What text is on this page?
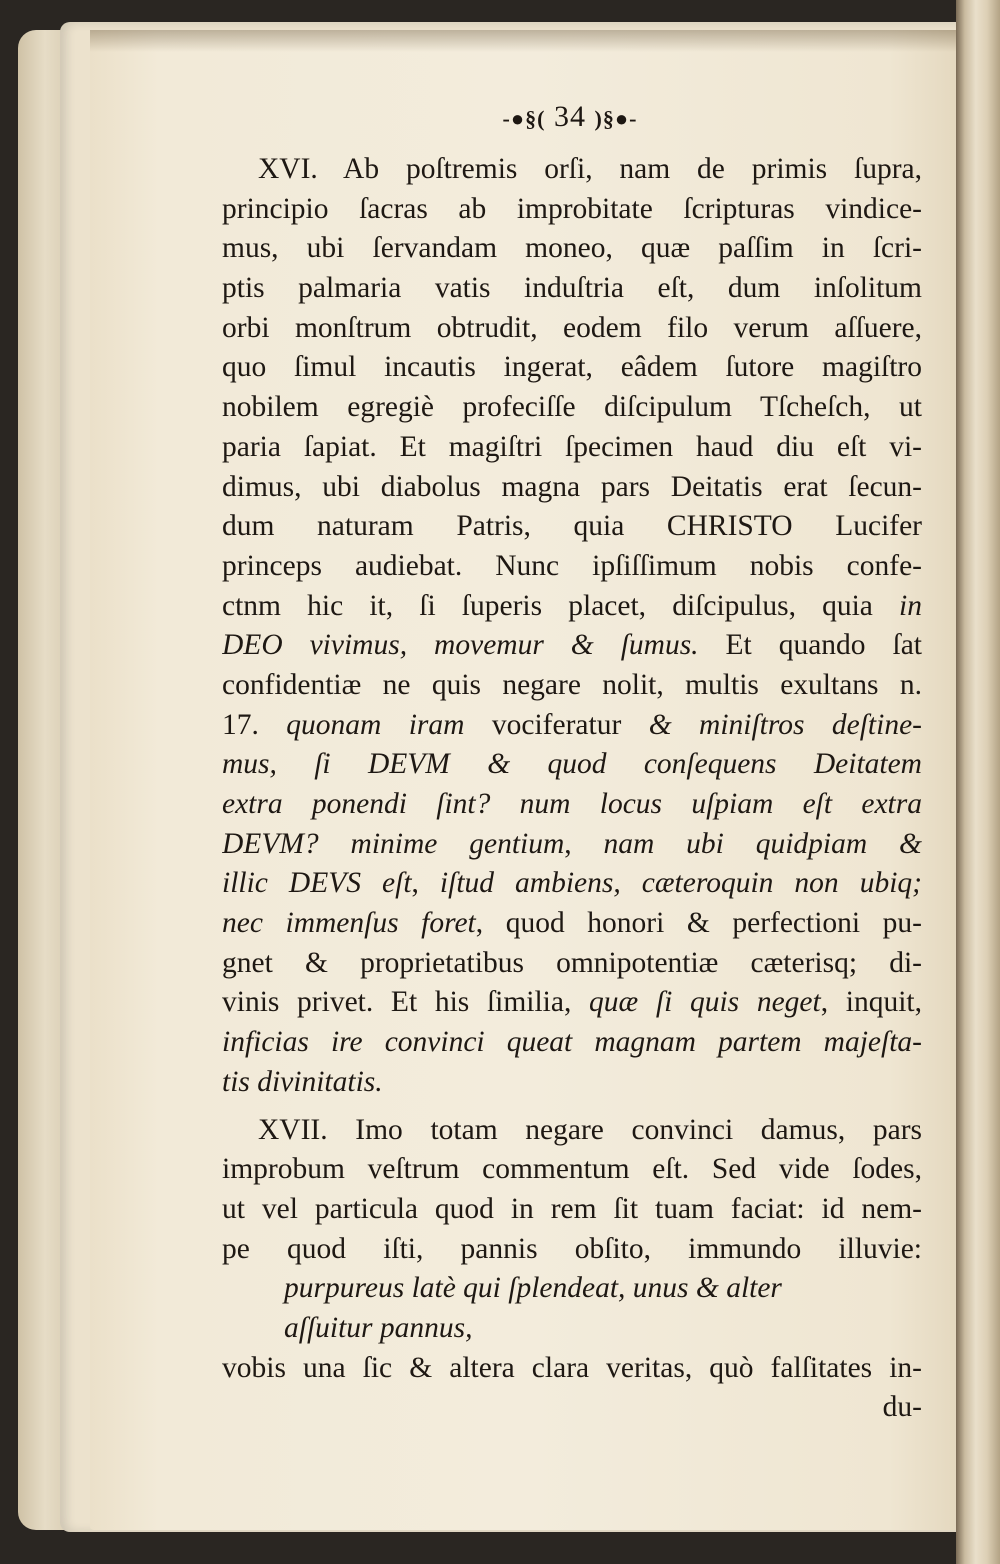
-●§( 34 )§●-
XVI. Ab poſtremis orſi, nam de primis ſupra,
principio ſacras ab improbitate ſcripturas vindice-
mus, ubi ſervandam moneo, quæ paſſim in ſcri-
ptis palmaria vatis induſtria eſt, dum inſolitum
orbi monſtrum obtrudit, eodem filo verum aſſuere,
quo ſimul incautis ingerat, eâdem ſutore magiſtro
nobilem egregiè profeciſſe diſcipulum Tſcheſch, ut
paria ſapiat. Et magiſtri ſpecimen haud diu eſt vi-
dimus, ubi diabolus magna pars Deitatis erat ſecun-
dum naturam Patris, quia CHRISTO Lucifer
princeps audiebat. Nunc ipſiſſimum nobis confe-
ctnm hic it, ſi ſuperis placet, diſcipulus, quia in
DEO vivimus, movemur & ſumus. Et quando ſat
confidentiæ ne quis negare nolit, multis exultans n.
17. quonam iram vociferatur & miniſtros deſtine-
mus, ſi DEVM & quod conſequens Deitatem
extra ponendi ſint? num locus uſpiam eſt extra
DEVM? minime gentium, nam ubi quidpiam &
illic DEVS eſt, iſtud ambiens, cæteroquin non ubiq;
nec immenſus foret, quod honori & perfectioni pu-
gnet & proprietatibus omnipotentiæ cæterisq; di-
vinis privet. Et his ſimilia, quæ ſi quis neget, inquit,
inficias ire convinci queat magnam partem majeſta-
tis divinitatis.
XVII. Imo totam negare convinci damus, pars
improbum veſtrum commentum eſt. Sed vide ſodes,
ut vel particula quod in rem ſit tuam faciat: id nem-
pe quod iſti, pannis obſito, immundo illuvie:
purpureus latè qui ſplendeat, unus & alter
aſſuitur pannus,
vobis una ſic & altera clara veritas, quò falſitates in-
du-
